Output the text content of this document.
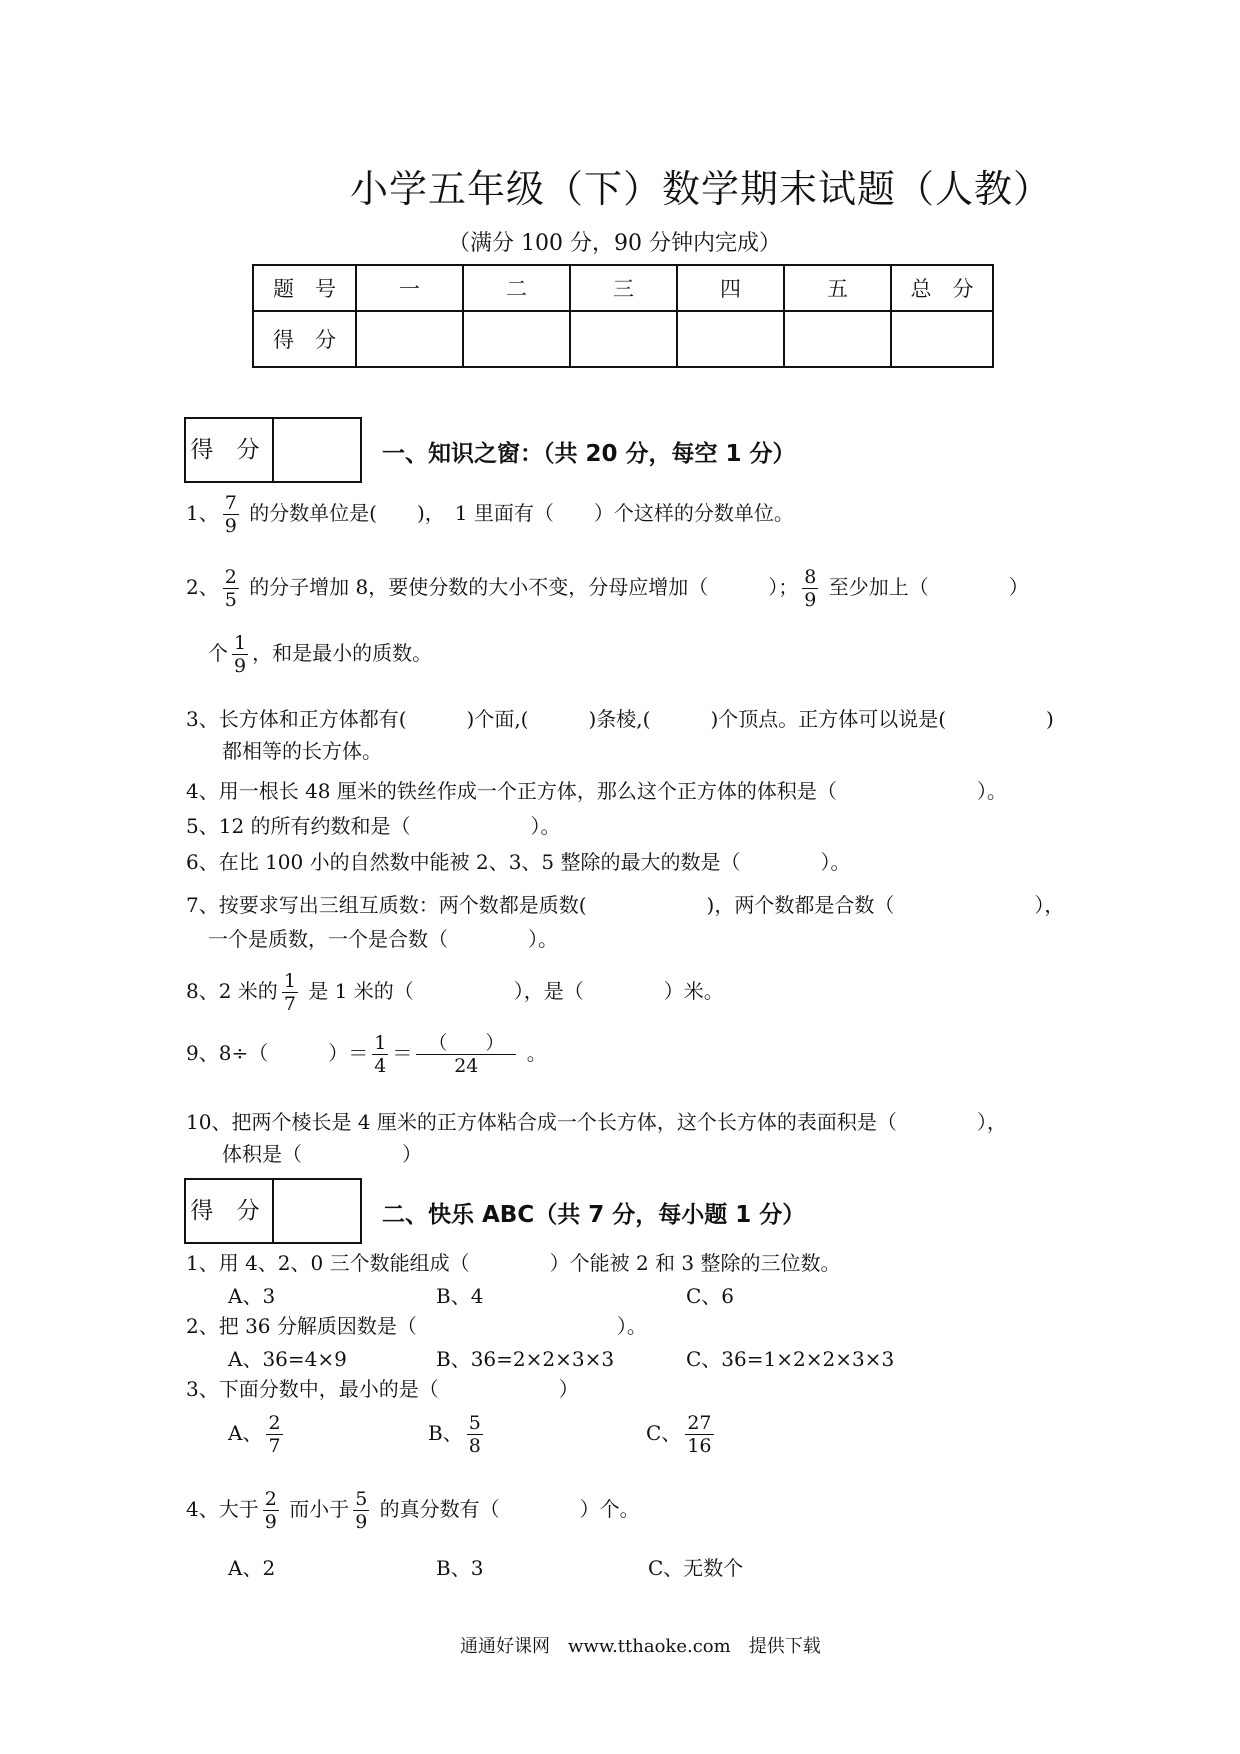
小学五年级（下）数学期末试题（人教）
（满分 100 分，90 分钟内完成）
题　号	一	二	三	四	五	总　分
得　分						
得 分	一、知识之窗：（共 20 分，每空 1 分）
1、 $\frac{7}{9}$ 的分数单位是(　　)，　1 里面有（　　）个这样的分数单位。
2、 $\frac{2}{5}$ 的分子增加 8，要使分数的大小不变，分母应增加（　　　）； $\frac{8}{9}$ 至少加上（　　　　）
个 $\frac{1}{9}$ ，和是最小的质数。
3、长方体和正方体都有(　　　)个面,(　　　)条棱,(　　　)个顶点。正方体可以说是(　　　　　)
都相等的长方体。
4、用一根长 48 厘米的铁丝作成一个正方体，那么这个正方体的体积是（　　　　　　　）。
5、12 的所有约数和是（　　　　　　）。
6、在比 100 小的自然数中能被 2、3、5 整除的最大的数是（　　　　）。
7、按要求写出三组互质数：两个数都是质数(　　　　　　)，两个数都是合数（　　　　　　　），
一个是质数，一个是合数（　　　　）。
8、2 米的 $\frac{1}{7}$ 是 1 米的（　　　　　），是（　　　　）米。
9、8÷（　　　）＝ $\frac{1}{4} = \frac{( )}{24}$ 。
10、把两个棱长是 4 厘米的正方体粘合成一个长方体，这个长方体的表面积是（　　　　），
体积是（　　　　　）
得 分	二、快乐 ABC（共 7 分，每小题 1 分）
1、用 4、2、0 三个数能组成（　　　　）个能被 2 和 3 整除的三位数。
A、3	B、4	C、6
2、把 36 分解质因数是（　　　　　　　　　　）。
A、36=4×9	B、36=2×2×3×3	C、36=1×2×2×3×3
3、下面分数中，最小的是（　　　　　　）
A、 $\frac{2}{7}$	B、 $\frac{5}{8}$	C、 $\frac{27}{16}$
4、大于 $\frac{2}{9}$ 而小于 $\frac{5}{9}$ 的真分数有（　　　　）个。
A、2	B、3	C、无数个
通通好课网　www.tthaoke.com　提供下载
